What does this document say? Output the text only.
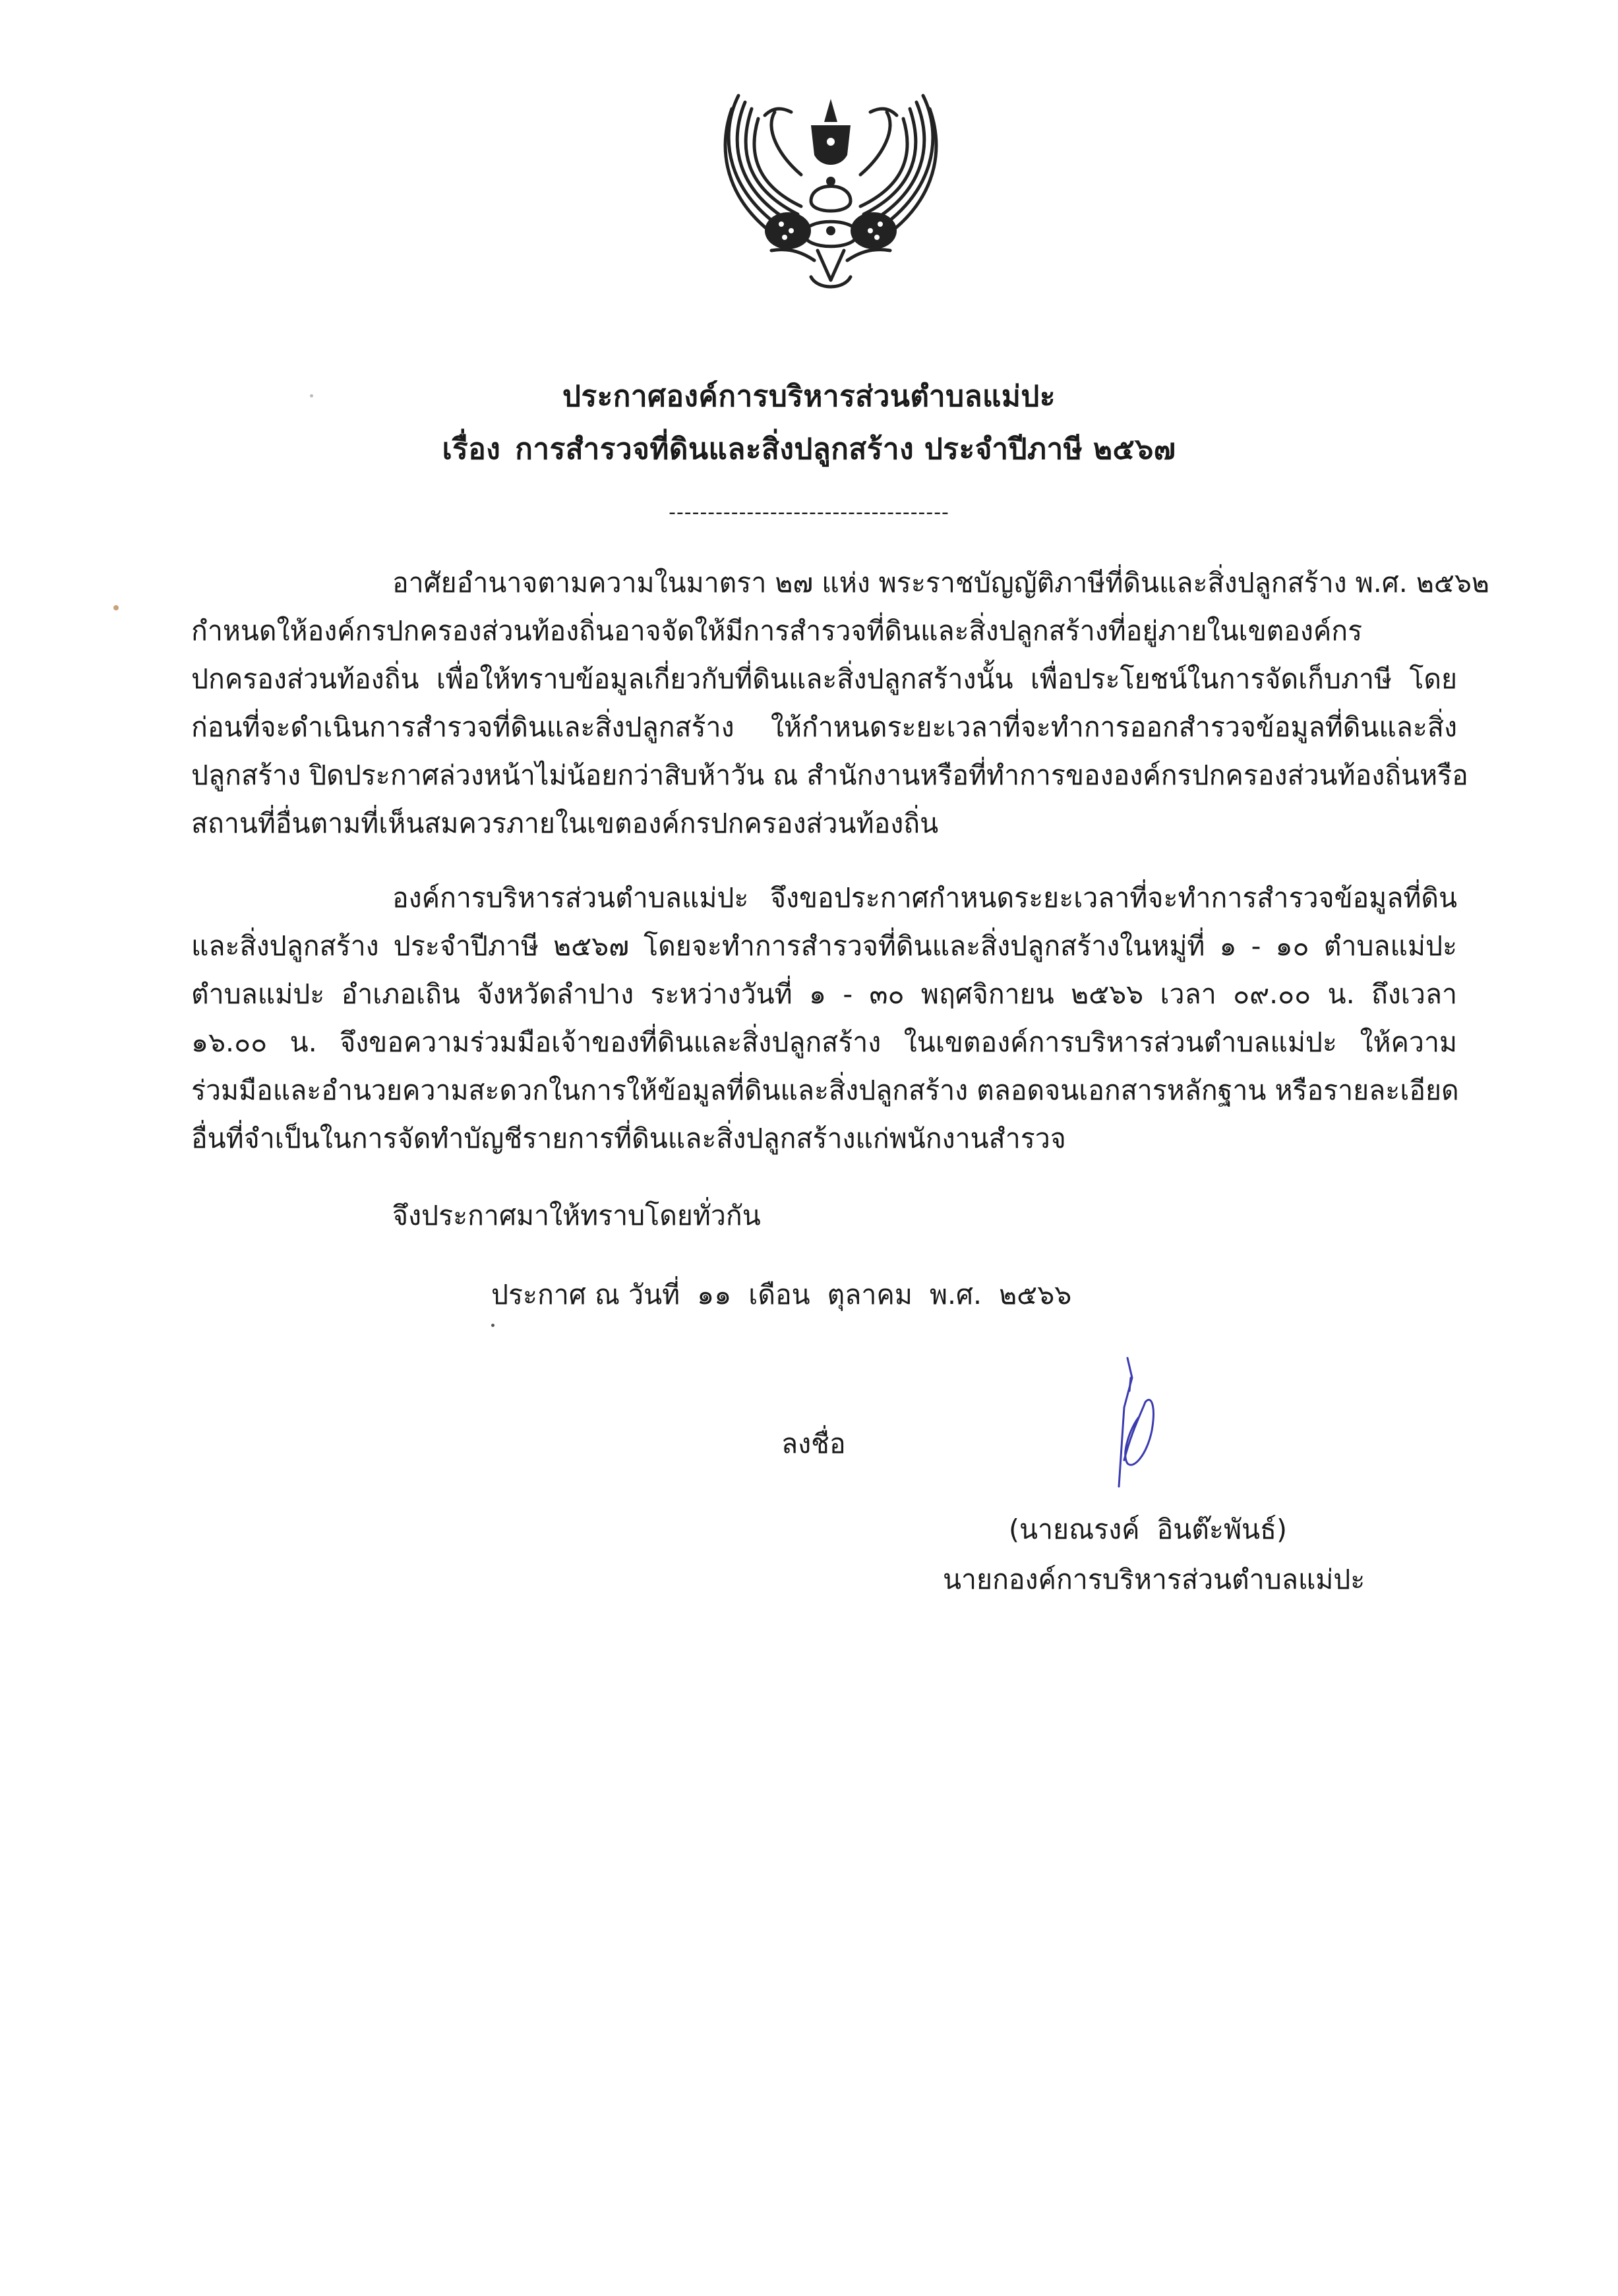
ประกาศองค์การบริหารส่วนตำบลแม่ปะ
เรื่อง การสำรวจที่ดินและสิ่งปลูกสร้าง ประจำปีภาษี ๒๕๖๗
------------------------------------
อาศัยอำนาจตามความในมาตรา ๒๗ แห่ง พระราชบัญญัติภาษีที่ดินและสิ่งปลูกสร้าง พ.ศ. ๒๕๖๒
กำหนดให้องค์กรปกครองส่วนท้องถิ่นอาจจัดให้มีการสำรวจที่ดินและสิ่งปลูกสร้างที่อยู่ภายในเขตองค์กร
ปกครองส่วนท้องถิ่น เพื่อให้ทราบข้อมูลเกี่ยวกับที่ดินและสิ่งปลูกสร้างนั้น เพื่อประโยชน์ในการจัดเก็บภาษี โดย
ก่อนที่จะดำเนินการสำรวจที่ดินและสิ่งปลูกสร้าง ให้กำหนดระยะเวลาที่จะทำการออกสำรวจข้อมูลที่ดินและสิ่ง
ปลูกสร้าง ปิดประกาศล่วงหน้าไม่น้อยกว่าสิบห้าวัน ณ สำนักงานหรือที่ทำการขององค์กรปกครองส่วนท้องถิ่นหรือ
สถานที่อื่นตามที่เห็นสมควรภายในเขตองค์กรปกครองส่วนท้องถิ่น
องค์การบริหารส่วนตำบลแม่ปะ จึงขอประกาศกำหนดระยะเวลาที่จะทำการสำรวจข้อมูลที่ดิน
และสิ่งปลูกสร้าง ประจำปีภาษี ๒๕๖๗ โดยจะทำการสำรวจที่ดินและสิ่งปลูกสร้างในหมู่ที่ ๑ - ๑๐ ตำบลแม่ปะ
ตำบลแม่ปะ อำเภอเถิน จังหวัดลำปาง ระหว่างวันที่ ๑ - ๓๐ พฤศจิกายน ๒๕๖๖ เวลา ๐๙.๐๐ น. ถึงเวลา
๑๖.๐๐ น. จึงขอความร่วมมือเจ้าของที่ดินและสิ่งปลูกสร้าง ในเขตองค์การบริหารส่วนตำบลแม่ปะ ให้ความ
ร่วมมือและอำนวยความสะดวกในการให้ข้อมูลที่ดินและสิ่งปลูกสร้าง ตลอดจนเอกสารหลักฐาน หรือรายละเอียด
อื่นที่จำเป็นในการจัดทำบัญชีรายการที่ดินและสิ่งปลูกสร้างแก่พนักงานสำรวจ
จึงประกาศมาให้ทราบโดยทั่วกัน
ประกาศ ณ วันที่  ๑๑  เดือน  ตุลาคม  พ.ศ.  ๒๕๖๖
ลงชื่อ
(นายณรงค์  อินต๊ะพันธ์)
นายกองค์การบริหารส่วนตำบลแม่ปะ
